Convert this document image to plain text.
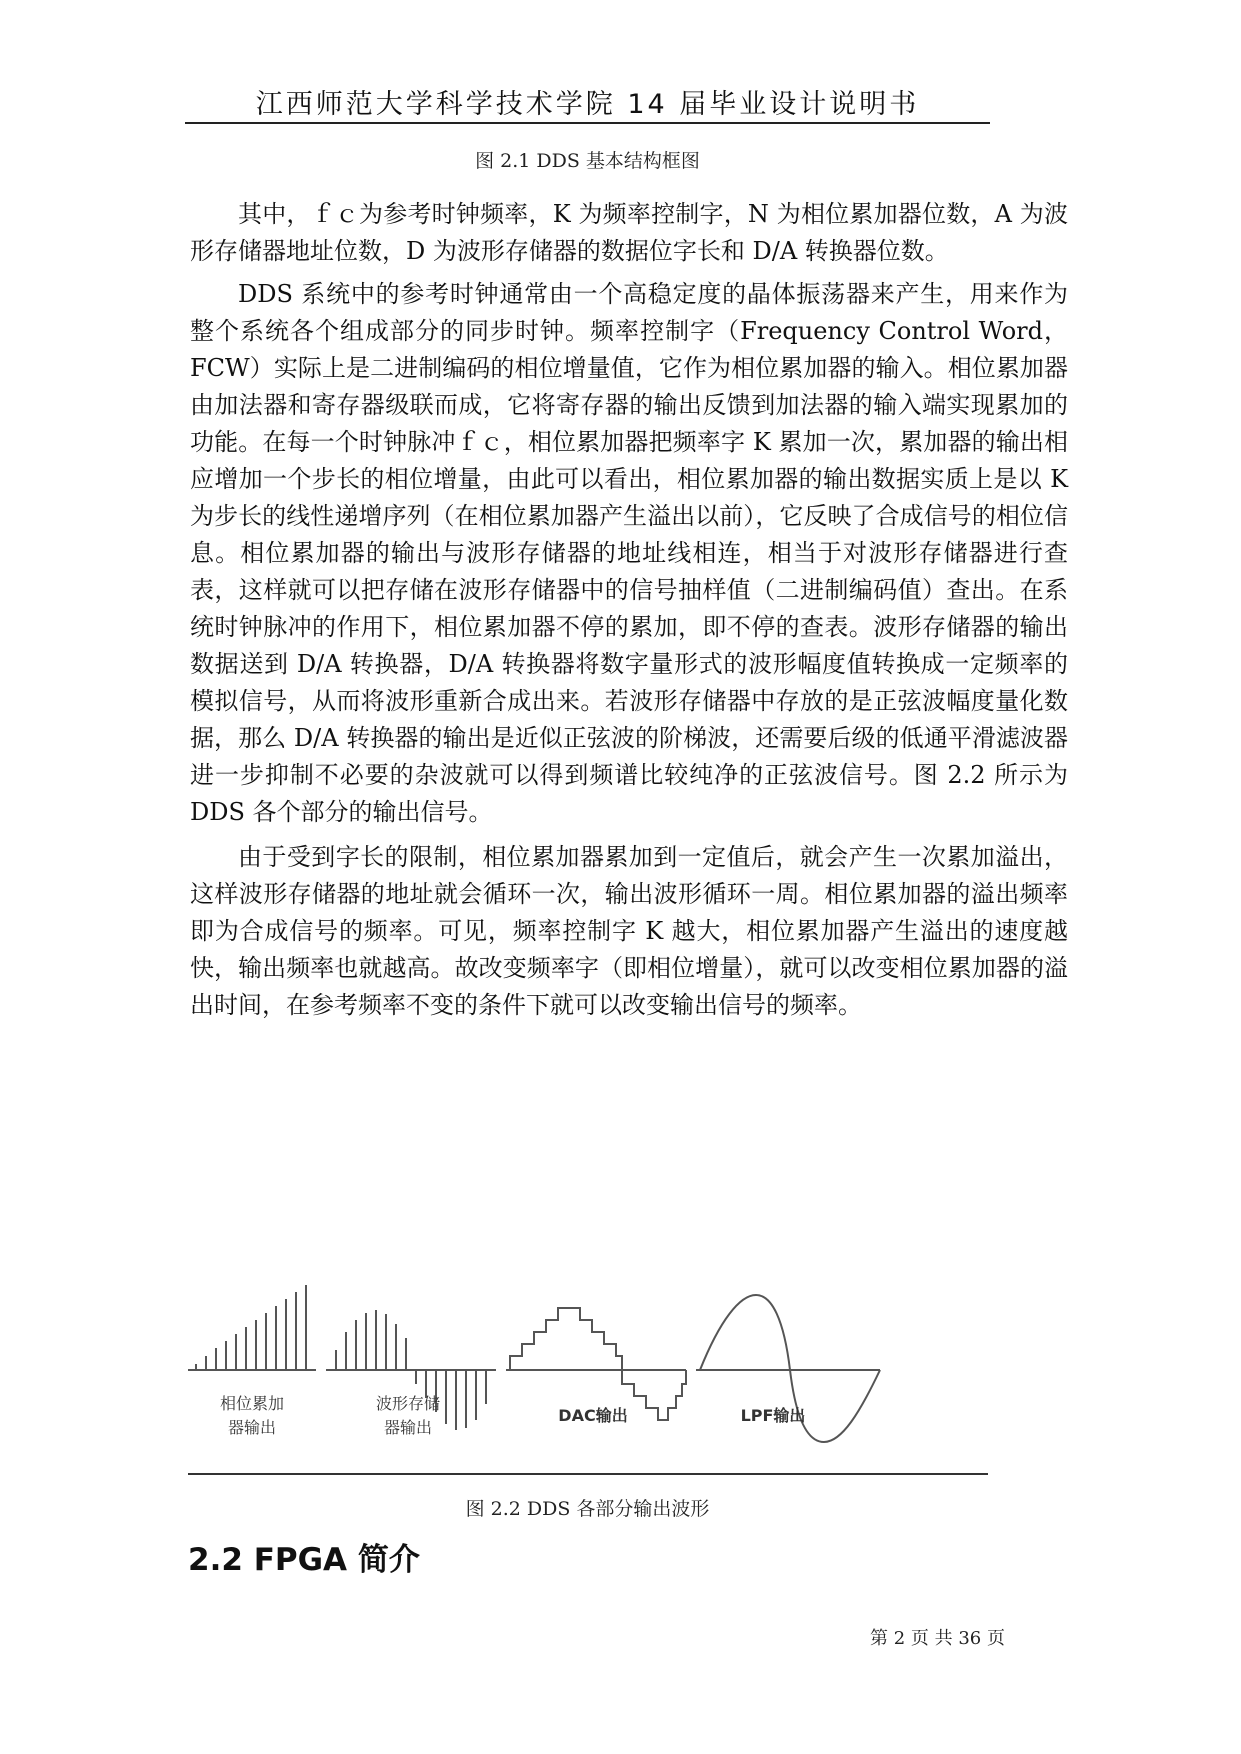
江西师范大学科学技术学院 14 届毕业设计说明书
图 2.1 DDS 基本结构框图

其中，ｆｃ为参考时钟频率，K 为频率控制字，N 为相位累加器位数，A 为波形存储器地址位数，D 为波形存储器的数据位字长和 D/A 转换器位数。

DDS 系统中的参考时钟通常由一个高稳定度的晶体振荡器来产生，用来作为整个系统各个组成部分的同步时钟。频率控制字（Frequency Control Word，FCW）实际上是二进制编码的相位增量值，它作为相位累加器的输入。相位累加器由加法器和寄存器级联而成，它将寄存器的输出反馈到加法器的输入端实现累加的功能。在每一个时钟脉冲ｆｃ，相位累加器把频率字 K 累加一次，累加器的输出相应增加一个步长的相位增量，由此可以看出，相位累加器的输出数据实质上是以 K 为步长的线性递增序列（在相位累加器产生溢出以前），它反映了合成信号的相位信息。相位累加器的输出与波形存储器的地址线相连，相当于对波形存储器进行查表，这样就可以把存储在波形存储器中的信号抽样值（二进制编码值）查出。在系统时钟脉冲的作用下，相位累加器不停的累加，即不停的查表。波形存储器的输出数据送到 D/A 转换器，D/A 转换器将数字量形式的波形幅度值转换成一定频率的模拟信号，从而将波形重新合成出来。若波形存储器中存放的是正弦波幅度量化数据，那么 D/A 转换器的输出是近似正弦波的阶梯波，还需要后级的低通平滑滤波器进一步抑制不必要的杂波就可以得到频谱比较纯净的正弦波信号。图 2.2 所示为 DDS 各个部分的输出信号。

由于受到字长的限制，相位累加器累加到一定值后，就会产生一次累加溢出，这样波形存储器的地址就会循环一次，输出波形循环一周。相位累加器的溢出频率即为合成信号的频率。可见，频率控制字 K 越大，相位累加器产生溢出的速度越快，输出频率也就越高。故改变频率字（即相位增量），就可以改变相位累加器的溢出时间，在参考频率不变的条件下就可以改变输出信号的频率。

相位累加
器输出
波形存储
器输出
DAC输出	LPF输出
图 2.2 DDS 各部分输出波形
2.2 FPGA 简介
第 2 页 共 36 页
